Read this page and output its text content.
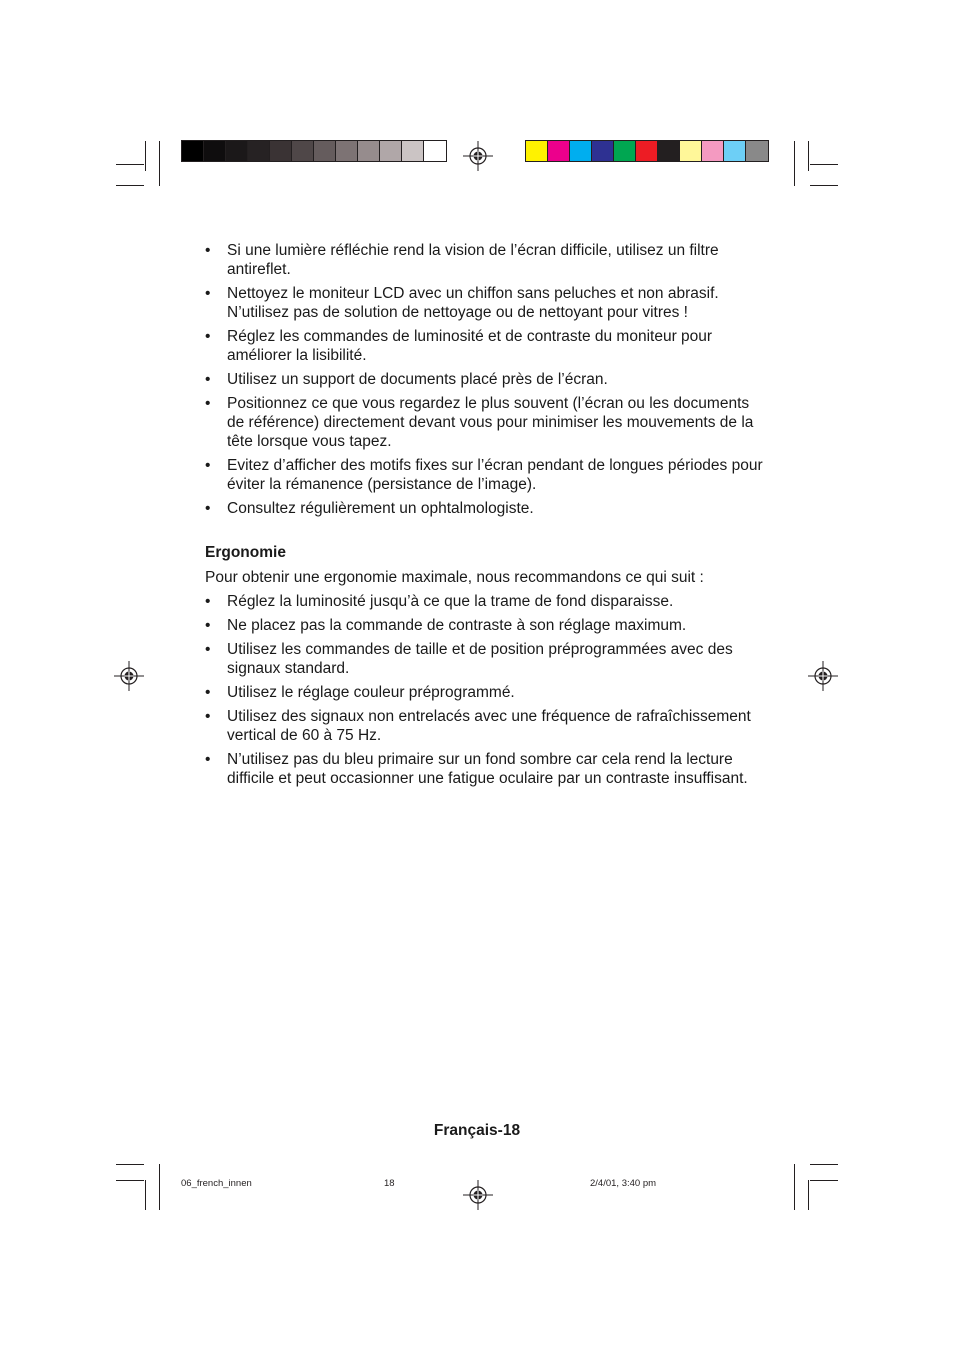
• Si une lumière réfléchie rend la vision de l’écran difficile, utilisez un filtre antireflet.
• Nettoyez le moniteur LCD avec un chiffon sans peluches et non abrasif. N’utilisez pas de solution de nettoyage ou de nettoyant pour vitres !
• Réglez les commandes de luminosité et de contraste du moniteur pour améliorer la lisibilité.
• Utilisez un support de documents placé près de l’écran.
• Positionnez ce que vous regardez le plus souvent (l’écran ou les documents de référence) directement devant vous pour minimiser les mouvements de la tête lorsque vous tapez.
• Evitez d’afficher des motifs fixes sur l’écran pendant de longues périodes pour éviter la rémanence (persistance de l’image).
• Consultez régulièrement un ophtalmologiste.
Ergonomie
Pour obtenir une ergonomie maximale, nous recommandons ce qui suit :
• Réglez la luminosité jusqu’à ce que la trame de fond disparaisse.
• Ne placez pas la commande de contraste à son réglage maximum.
• Utilisez les commandes de taille et de position préprogrammées avec des signaux standard.
• Utilisez le réglage couleur préprogrammé.
• Utilisez des signaux non entrelacés avec une fréquence de rafraîchissement vertical de 60 à 75 Hz.
• N’utilisez pas du bleu primaire sur un fond sombre car cela rend la lecture difficile et peut occasionner une fatigue oculaire par un contraste insuffisant.
Français-18
06_french_innen	18	2/4/01, 3:40 pm
